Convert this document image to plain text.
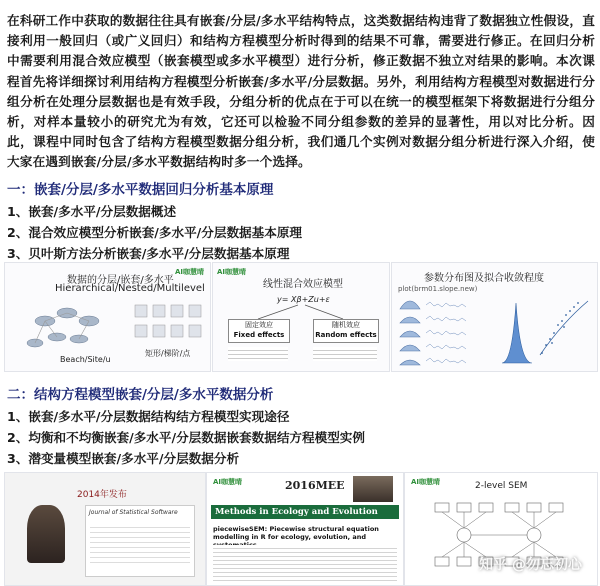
在科研工作中获取的数据往往具有嵌套/分层/多水平结构特点，这类数据结构违背了数据独立性假设，直接利用一般回归（或广义回归）和结构方程模型分析时得到的结果不可靠，需要进行修正。在回归分析中需要利用混合效应模型（嵌套模型或多水平模型）进行分析，修正数据不独立对结果的影响。本次课程首先将详细探讨利用结构方程模型分析嵌套/多水平/分层数据。另外，利用结构方程模型对数据进行分组分析在处理分层数据也是有效手段，分组分析的优点在于可以在统一的模型框架下将数据进行分组分析，对样本量较小的研究尤为有效，它还可以检验不同分组参数的差异的显著性，用以对比分析。因此，课程中同时包含了结构方程模型数据分组分析，我们通几个实例对数据分组分析进行深入介绍，使大家在遇到嵌套/分层/多水平数据结构时多一个选择。
一：嵌套/分层/多水平数据回归分析基本原理
1、嵌套/多水平/分层数据概述
2、混合效应模型分析嵌套/多水平/分层数据基本原理
3、贝叶斯方法分析嵌套/多水平/分层数据基本原理
数据的分层/嵌套/多水平
Hierarchical/Nested/Multilevel
AI咖慧晴
Beach/Site/u
矩形/梯阶/点
AI咖慧晴
线性混合效应模型
y= Xβ+Zu+ε
固定效应
Fixed effects
随机效应
Random effects
参数分布图及拟合收敛程度
plot(brm01.slope.new)
二：结构方程模型嵌套/分层/多水平数据分析
1、嵌套/多水平/分层数据结构结方程模型实现途径
2、均衡和不均衡嵌套/多水平/分层数据嵌套数据结方程模型实例
3、潜变量模型嵌套/多水平/分层数据分析
2014年发布
Journal of Statistical Software
AI咖慧晴	2016MEE
Methods in Ecology and Evolution
piecewiseSEM: Piecewise structural equation modelling in R for ecology, evolution, and
2-level SEM
AI咖慧晴
知乎 @勿忘初心
